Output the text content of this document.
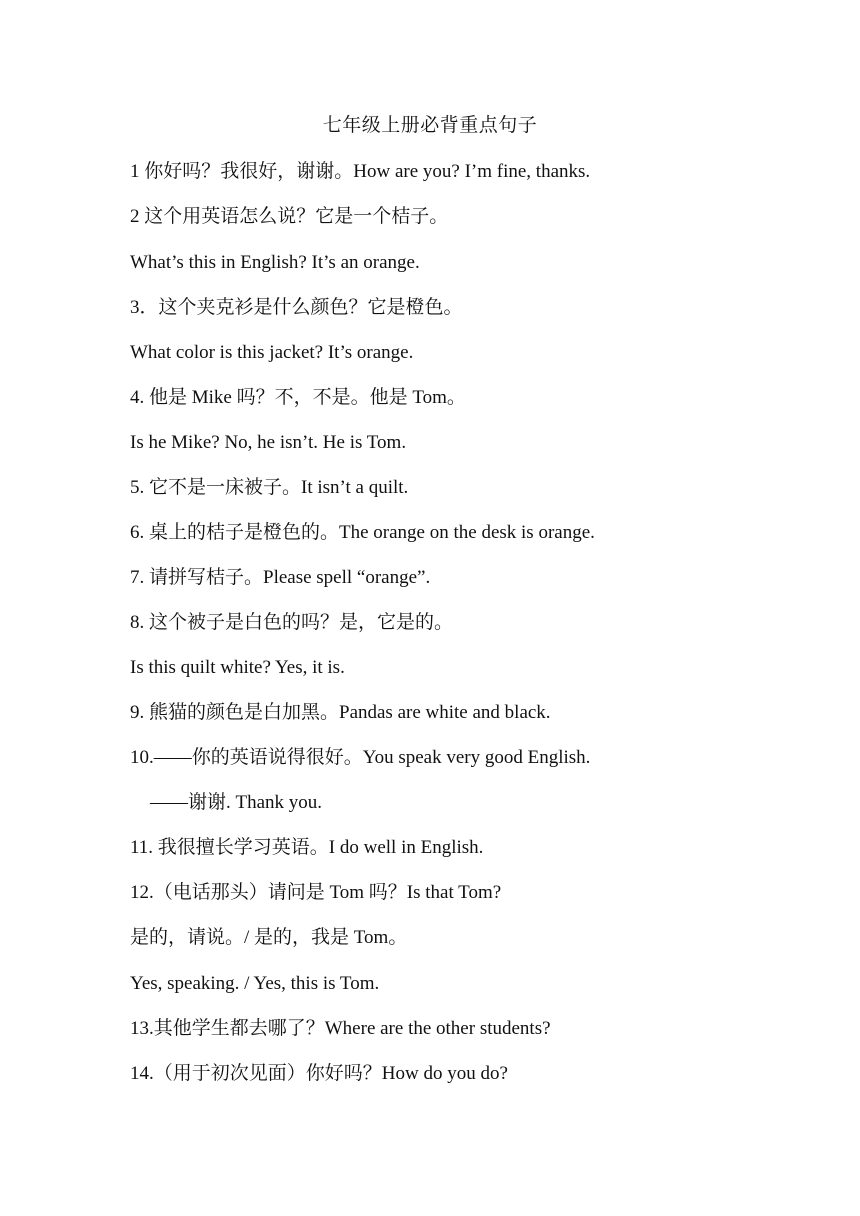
七年级上册必背重点句子
1 你好吗？我很好，谢谢。How are you? I’m fine, thanks.
2 这个用英语怎么说？它是一个桔子。
What’s this in English? It’s an orange.
3．这个夹克衫是什么颜色？它是橙色。
What color is this jacket? It’s orange.
4. 他是 Mike 吗？不，不是。他是 Tom。
Is he Mike? No, he isn’t. He is Tom.
5. 它不是一床被子。It isn’t a quilt.
6. 桌上的桔子是橙色的。The orange on the desk is orange.
7. 请拼写桔子。Please spell “orange”.
8. 这个被子是白色的吗？是，它是的。
Is this quilt white? Yes, it is.
9. 熊猫的颜色是白加黑。Pandas are white and black.
10.——你的英语说得很好。You speak very good English.
——谢谢. Thank you.
11. 我很擅长学习英语。I do well in English.
12.（电话那头）请问是 Tom 吗？Is that Tom?
是的，请说。/ 是的，我是 Tom。
Yes, speaking. / Yes, this is Tom.
13.其他学生都去哪了？Where are the other students?
14.（用于初次见面）你好吗？How do you do?
